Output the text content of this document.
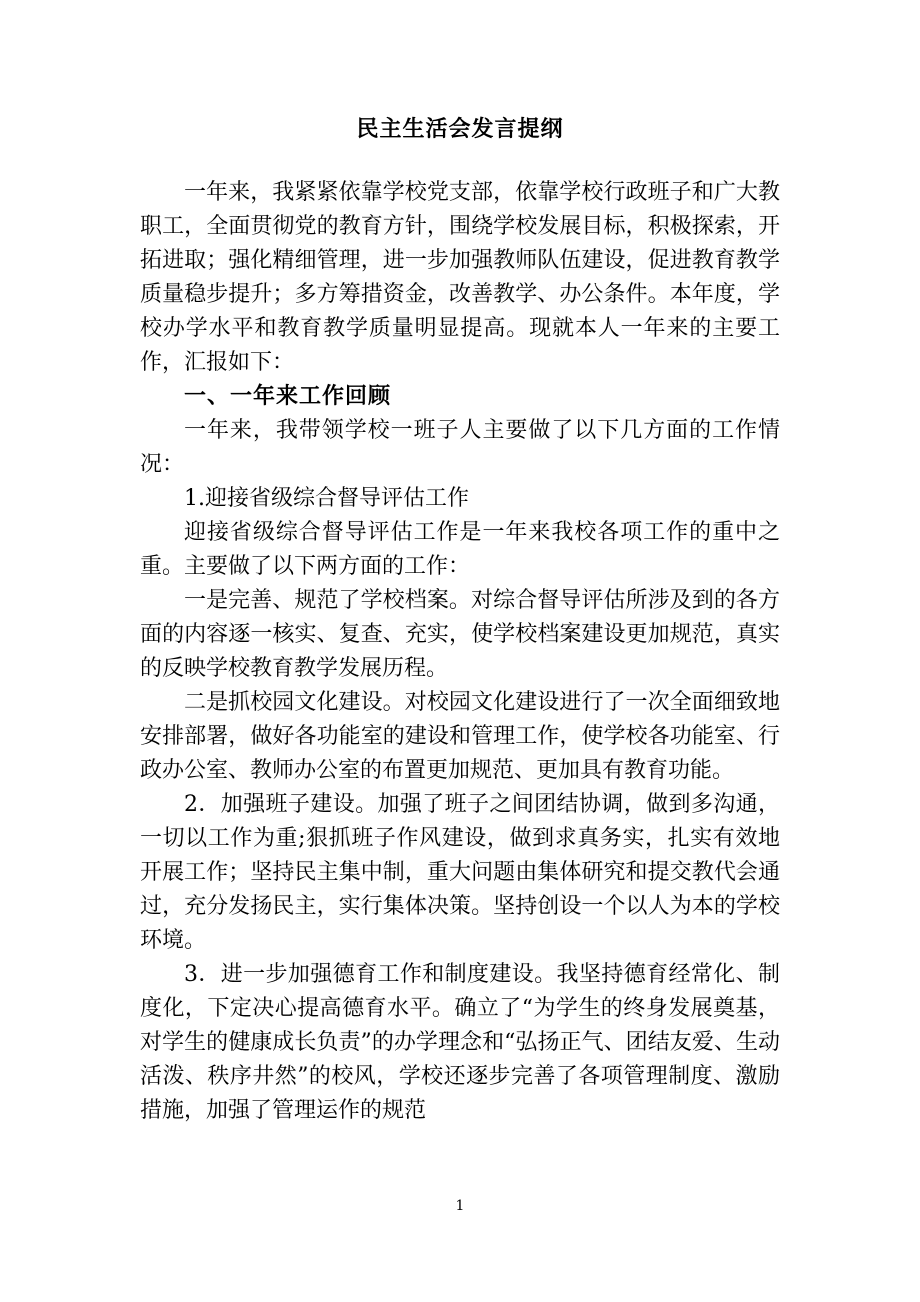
民主生活会发言提纲

一年来，我紧紧依靠学校党支部，依靠学校行政班子和广大教职工，全面贯彻党的教育方针，围绕学校发展目标，积极探索，开拓进取；强化精细管理，进一步加强教师队伍建设，促进教育教学质量稳步提升；多方筹措资金，改善教学、办公条件。本年度，学校办学水平和教育教学质量明显提高。现就本人一年来的主要工作，汇报如下：

一、一年来工作回顾

一年来，我带领学校一班子人主要做了以下几方面的工作情况：

1.迎接省级综合督导评估工作

迎接省级综合督导评估工作是一年来我校各项工作的重中之重。主要做了以下两方面的工作：

一是完善、规范了学校档案。对综合督导评估所涉及到的各方面的内容逐一核实、复查、充实，使学校档案建设更加规范，真实的反映学校教育教学发展历程。

二是抓校园文化建设。对校园文化建设进行了一次全面细致地安排部署，做好各功能室的建设和管理工作，使学校各功能室、行政办公室、教师办公室的布置更加规范、更加具有教育功能。

2．加强班子建设。加强了班子之间团结协调，做到多沟通，一切以工作为重;狠抓班子作风建设，做到求真务实，扎实有效地开展工作；坚持民主集中制，重大问题由集体研究和提交教代会通过，充分发扬民主，实行集体决策。坚持创设一个以人为本的学校环境。

3．进一步加强德育工作和制度建设。我坚持德育经常化、制度化，下定决心提高德育水平。确立了“为学生的终身发展奠基，对学生的健康成长负责”的办学理念和“弘扬正气、团结友爱、生动活泼、秩序井然”的校风，学校还逐步完善了各项管理制度、激励措施，加强了管理运作的规范

1
